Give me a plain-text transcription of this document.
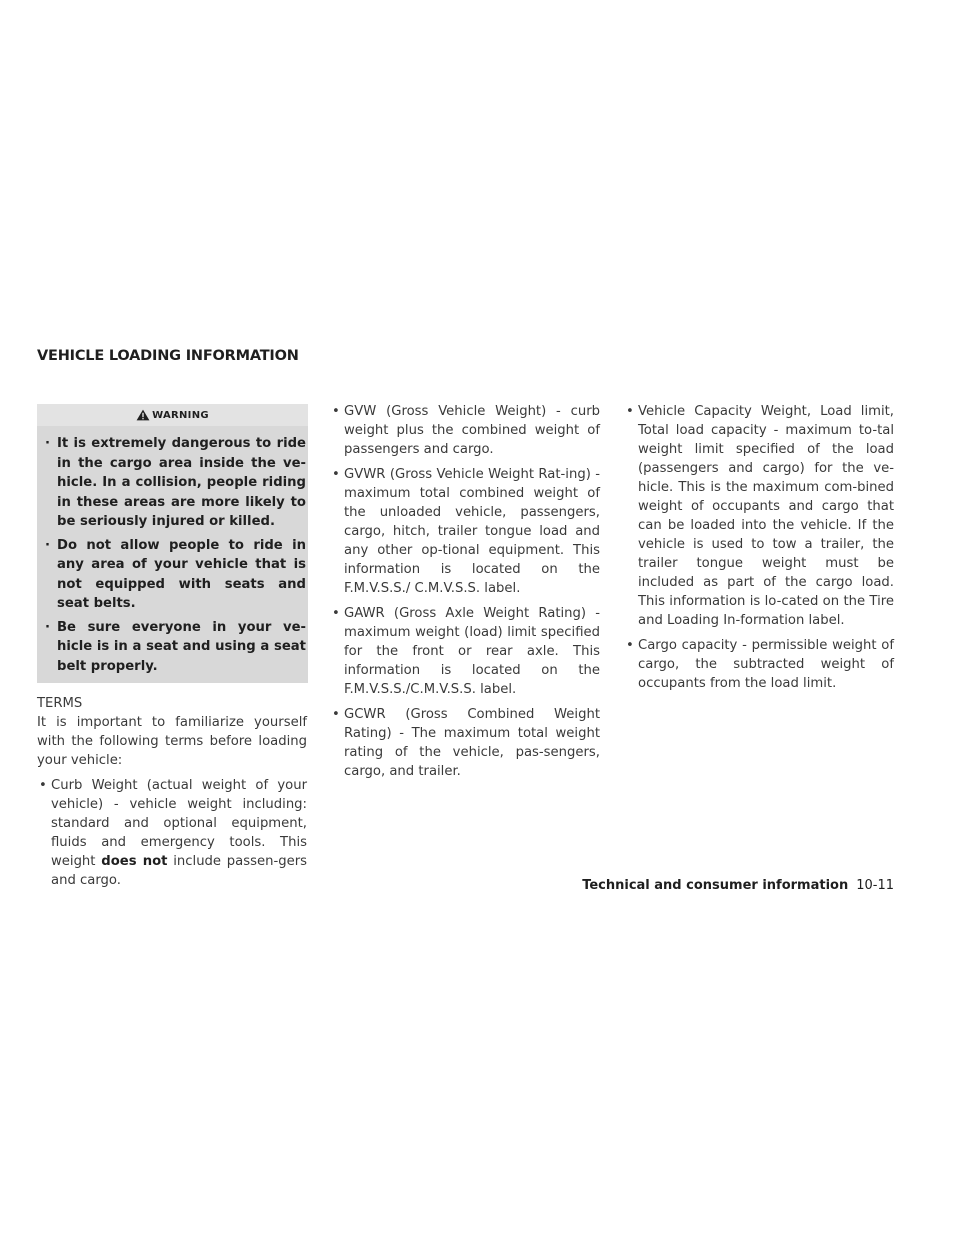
VEHICLE LOADING INFORMATION
WARNING
· It is extremely dangerous to ride in the cargo area inside the ve-hicle. In a collision, people riding in these areas are more likely to be seriously injured or killed.
· Do not allow people to ride in any area of your vehicle that is not equipped with seats and seat belts.
· Be sure everyone in your ve-hicle is in a seat and using a seat belt properly.
TERMS

It is important to familiarize yourself with the following terms before loading your vehicle:

• Curb Weight (actual weight of your vehicle) - vehicle weight including: standard and optional equipment, fluids and emergency tools. This weight does not include passen-gers and cargo.
• GVW (Gross Vehicle Weight) - curb weight plus the combined weight of passengers and cargo.
• GVWR (Gross Vehicle Weight Rat-ing) - maximum total combined weight of the unloaded vehicle, passengers, cargo, hitch, trailer tongue load and any other op-tional equipment. This information is located on the F.M.V.S.S./ C.M.V.S.S. label.
• GAWR (Gross Axle Weight Rating) - maximum weight (load) limit specified for the front or rear axle. This information is located on the F.M.V.S.S./C.M.V.S.S. label.
• GCWR (Gross Combined Weight Rating) - The maximum total weight rating of the vehicle, pas-sengers, cargo, and trailer.
• Vehicle Capacity Weight, Load limit, Total load capacity - maximum to-tal weight limit specified of the load (passengers and cargo) for the ve-hicle. This is the maximum com-bined weight of occupants and cargo that can be loaded into the vehicle. If the vehicle is used to tow a trailer, the trailer tongue weight must be included as part of the cargo load. This information is lo-cated on the Tire and Loading In-formation label.
• Cargo capacity - permissible weight of cargo, the subtracted weight of occupants from the load limit.
Technical and consumer information 10-11
